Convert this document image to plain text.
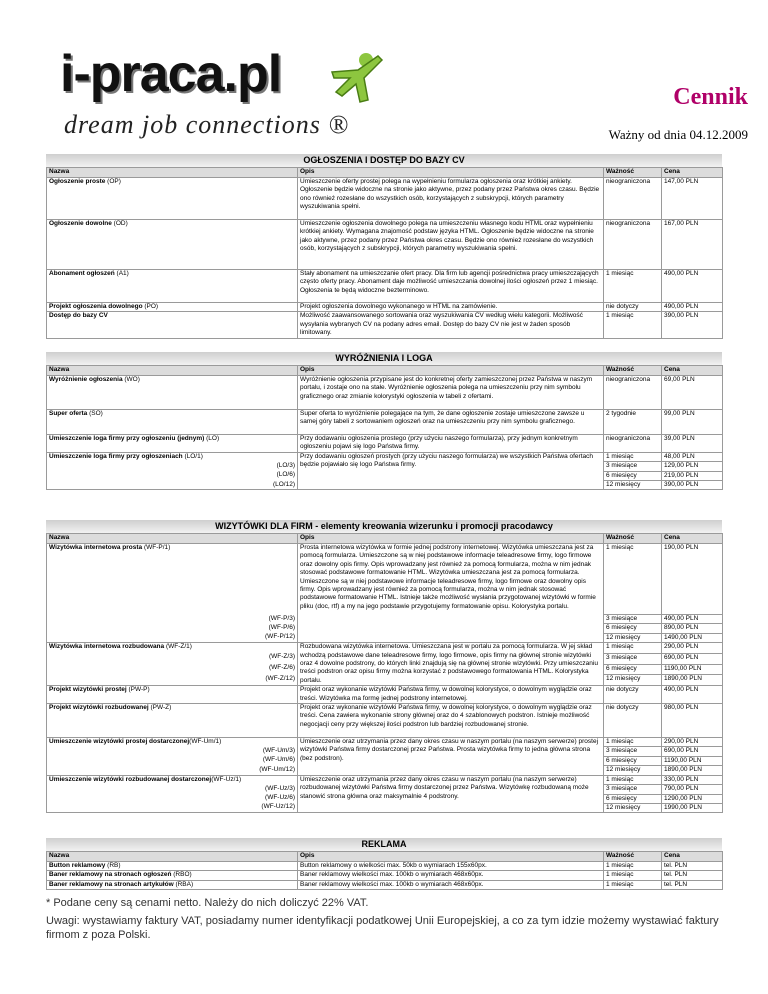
i-praca.pl
dream job connections ®
Cennik
Ważny od dnia 04.12.2009
OGŁOSZENIA I DOSTĘP DO BAZY CV
Nazwa	Opis	Ważność	Cena
Ogłoszenie proste (OP)	Umieszczenie oferty prostej polega na wypełnieniu formularza ogłoszenia oraz krótkiej ankiety. Ogłoszenie będzie widoczne na stronie jako aktywne, przez podany przez Państwa okres czasu. Będzie ono również rozesłane do wszystkich osób, korzystających z subskrypcji, których parametry wyszukiwania spełni.	nieograniczona	147,00 PLN
Ogłoszenie dowolne (OD)	Umieszczenie ogłoszenia dowolnego polega na umieszczeniu własnego kodu HTML oraz wypełnieniu krótkiej ankiety. Wymagana znajomość podstaw języka HTML. Ogłoszenie będzie widoczne na stronie jako aktywne, przez podany przez Państwa okres czasu. Będzie ono również rozesłane do wszystkich osób, korzystających z subskrypcji, których parametry wyszukiwania spełni.	nieograniczona	167,00 PLN
Abonament ogłoszeń (A1)	Stały abonament na umieszczanie ofert pracy. Dla firm lub agencji pośrednictwa pracy umieszczających często oferty pracy. Abonament daje możliwość umieszczania dowolnej ilości ogłoszeń przez 1 miesiąc. Ogłoszenia te będą widoczne bezterminowo.	1 miesiąc	490,00 PLN
Projekt ogłoszenia dowolnego (PO)	Projekt ogłoszenia dowolnego wykonanego w HTML na zamówienie.	nie dotyczy	490,00 PLN
Dostęp do bazy CV	Możliwość zaawansowanego sortowania oraz wyszukiwania CV według wielu kategorii. Możliwość wysyłania wybranych CV na podany adres email. Dostęp do bazy CV nie jest w żaden sposób limitowany.	1 miesiąc	390,00 PLN
WYRÓŻNIENIA I LOGA
Nazwa	Opis	Ważność	Cena
Wyróżnienie ogłoszenia (WO)	Wyróżnienie ogłoszenia przypisane jest do konkretnej oferty zamieszczonej przez Państwa w naszym portalu, i zostaje ono na stałe. Wyróżnienie ogłoszenia polega na umieszczeniu przy nim symbolu graficznego oraz zmianie kolorystyki ogłoszenia w tabeli z ofertami.	nieograniczona	69,00 PLN
Super oferta (SO)	Super oferta to wyróżnienie polegające na tym, że dane ogłoszenie zostaje umieszczone zawsze u samej góry tabeli z sortowaniem ogłoszeń oraz na umieszczeniu przy nim symbolu graficznego.	2 tygodnie	99,00 PLN
Umieszczenie loga firmy przy ogłoszeniu (jednym) (LO)	Przy dodawaniu ogłoszenia prostego (przy użyciu naszego formularza), przy jednym konkretnym ogłoszeniu pojawi się logo Państwa firmy.	nieograniczona	39,00 PLN
Umieszczenie loga firmy przy ogłoszeniach (LO/1)	Przy dodawaniu ogłoszeń prostych (przy użyciu naszego formularza) we wszystkich Państwa ofertach będzie pojawiało się logo Państwa firmy.	1 miesiąc	48,00 PLN
(LO/3)		3 miesiące	129,00 PLN
(LO/6)		6 miesięcy	219,00 PLN
(LO/12)		12 miesięcy	390,00 PLN
WIZYTÓWKI DLA FIRM - elementy kreowania wizerunku i promocji pracodawcy
Nazwa	Opis	Ważność	Cena
Wizytówka internetowa prosta (WF-P/1)	Prosta internetowa wizytówka w formie jednej podstrony internetowej. Wizytówka umieszczana jest za pomocą formularza. Umieszczone są w niej podstawowe informacje teleadresowe firmy, logo firmowe oraz dowolny opis firmy. Opis wprowadzany jest również za pomocą formularza, można w nim jednak stosować podstawowe formatowanie HTML. Wizytówka umieszczana jest za pomocą formularza. Umieszczone są w niej podstawowe informacje teleadresowe firmy, logo firmowe oraz dowolny opis firmy. Opis wprowadzany jest również za pomocą formularza, można w nim jednak stosować podstawowe formatowanie HTML. Istnieje także możliwość wysłania przygotowanej wizytówki w formie pliku (doc, rtf) a my na jego podstawie przygotujemy formatowanie opisu. Kolorystyka portalu.	1 miesiąc	190,00 PLN
(WF-P/3)		3 miesiące	490,00 PLN
(WF-P/6)		6 miesięcy	890,00 PLN
(WF-P/12)		12 miesięcy	1490,00 PLN
Wizytówka internetowa rozbudowana (WF-Z/1)	Rozbudowana wizytówka internetowa. Umieszczana jest w portalu za pomocą formularza. W jej skład wchodzą podstawowe dane teleadresowe firmy, logo firmowe, opis firmy na głównej stronie wizytówki oraz 4 dowolne podstrony, do których linki znajdują się na głównej stronie wizytówki. Przy umieszczaniu treści podstron oraz opisu firmy można korzystać z podstawowego formatowania HTML. Kolorystyka portalu.	1 miesiąc	290,00 PLN
(WF-Z/3)		3 miesiące	690,00 PLN
(WF-Z/6)		6 miesięcy	1190,00 PLN
(WF-Z/12)		12 miesięcy	1890,00 PLN
Projekt wizytówki prostej (PW-P)	Projekt oraz wykonanie wizytówki Państwa firmy, w dowolnej kolorystyce, o dowolnym wyglądzie oraz treści. Wizytówka ma formę jednej podstrony internetowej.	nie dotyczy	490,00 PLN
Projekt wizytówki rozbudowanej (PW-Z)	Projekt oraz wykonanie wizytówki Państwa firmy, w dowolnej kolorystyce, o dowolnym wyglądzie oraz treści. Cena zawiera wykonanie strony głównej oraz do 4 szablonowych podstron. Istnieje możliwość negocjacji ceny przy większej ilości podstron lub bardziej rozbudowanej stronie.	nie dotyczy	980,00 PLN
Umieszczenie wizytówki prostej dostarczonej(WF-Um/1)	Umieszczenie oraz utrzymania przez dany okres czasu w naszym portalu (na naszym serwerze) prostej wizytówki Państwa firmy dostarczonej przez Państwa. Prosta wizytówka firmy to jedna główna strona (bez podstron).	1 miesiąc	290,00 PLN
(WF-Um/3)		3 miesiące	690,00 PLN
(WF-Um/6)		6 miesięcy	1190,00 PLN
(WF-Um/12)		12 miesięcy	1890,00 PLN
Umieszczenie wizytówki rozbudowanej dostarczonej(WF-Uz/1)	Umieszczenie oraz utrzymania przez dany okres czasu w naszym portalu (na naszym serwerze) rozbudowanej wizytówki Państwa firmy dostarczonej przez Państwa. Wizytówkę rozbudowaną może stanowić strona główna oraz maksymalnie 4 podstrony.	1 miesiąc	330,00 PLN
(WF-Uz/3)		3 miesiące	790,00 PLN
(WF-Uz/6)		6 miesięcy	1290,00 PLN
(WF-Uz/12)		12 miesięcy	1990,00 PLN
REKLAMA
Nazwa	Opis	Ważność	Cena
Button reklamowy (RB)	Button reklamowy o wielkości max. 50kb o wymiarach 155x60px.	1 miesiąc	tel. PLN
Baner reklamowy na stronach ogłoszeń (RBO)	Baner reklamowy wielkości max. 100kb o wymiarach 468x60px.	1 miesiąc	tel. PLN
Baner reklamowy na stronach artykułów (RBA)	Baner reklamowy wielkości max. 100kb o wymiarach 468x60px.	1 miesiąc	tel. PLN

* Podane ceny są cenami netto. Należy do nich doliczyć 22% VAT.

Uwagi: wystawiamy faktury VAT, posiadamy numer identyfikacji podatkowej Unii Europejskiej, a co za tym idzie możemy wystawiać faktury firmom z poza Polski.
